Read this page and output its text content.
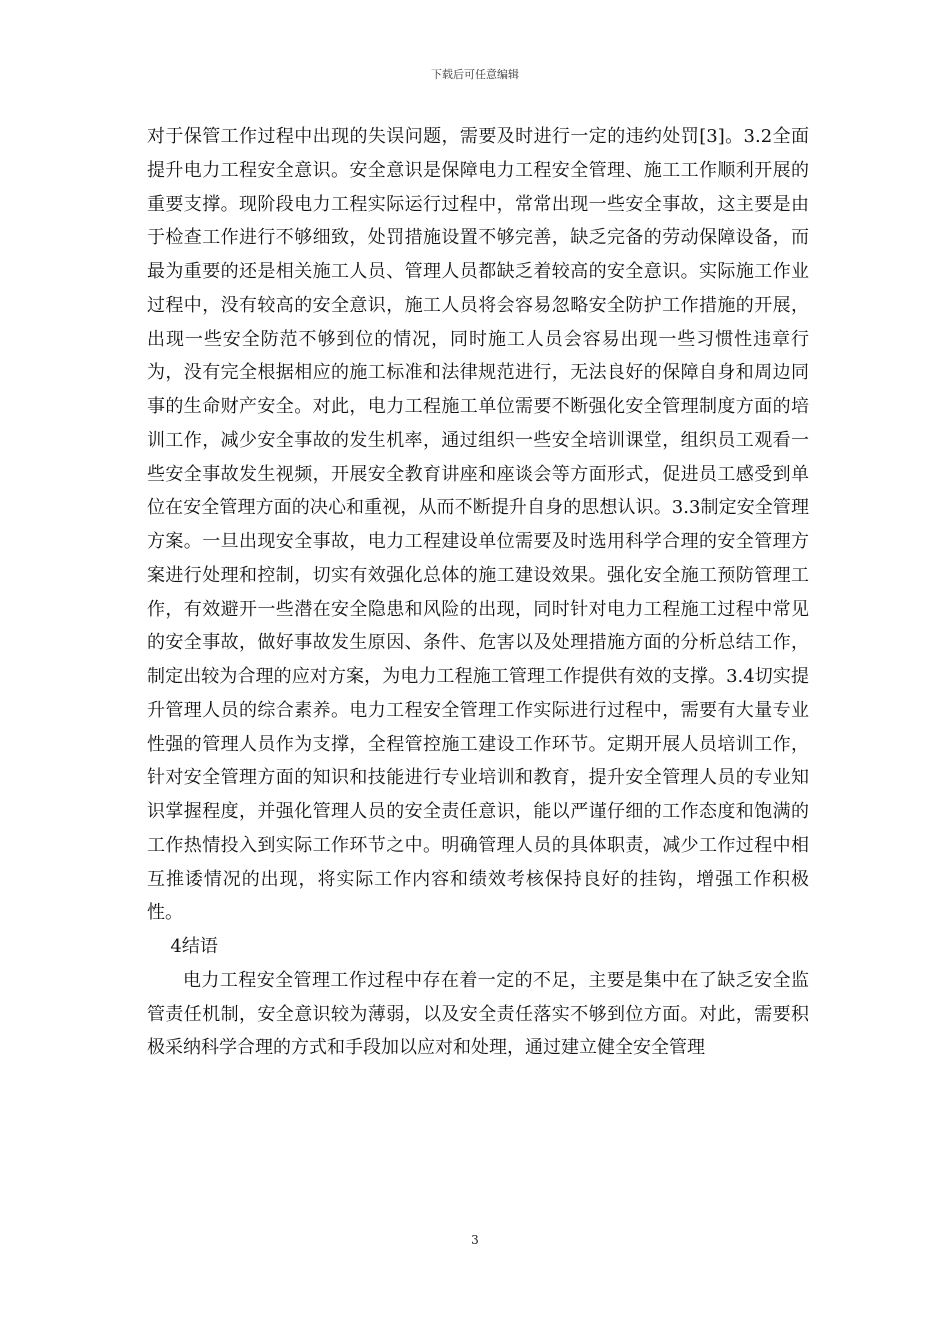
下载后可任意编辑

对于保管工作过程中出现的失误问题，需要及时进行一定的违约处罚[3]。3.2全面提升电力工程安全意识。安全意识是保障电力工程安全管理、施工工作顺利开展的重要支撑。现阶段电力工程实际运行过程中，常常出现一些安全事故，这主要是由于检查工作进行不够细致，处罚措施设置不够完善，缺乏完备的劳动保障设备，而最为重要的还是相关施工人员、管理人员都缺乏着较高的安全意识。实际施工作业过程中，没有较高的安全意识，施工人员将会容易忽略安全防护工作措施的开展，出现一些安全防范不够到位的情况，同时施工人员会容易出现一些习惯性违章行为，没有完全根据相应的施工标准和法律规范进行，无法良好的保障自身和周边同事的生命财产安全。对此，电力工程施工单位需要不断强化安全管理制度方面的培训工作，减少安全事故的发生机率，通过组织一些安全培训课堂，组织员工观看一些安全事故发生视频，开展安全教育讲座和座谈会等方面形式，促进员工感受到单位在安全管理方面的决心和重视，从而不断提升自身的思想认识。3.3制定安全管理方案。一旦出现安全事故，电力工程建设单位需要及时选用科学合理的安全管理方案进行处理和控制，切实有效强化总体的施工建设效果。强化安全施工预防管理工作，有效避开一些潜在安全隐患和风险的出现，同时针对电力工程施工过程中常见的安全事故，做好事故发生原因、条件、危害以及处理措施方面的分析总结工作，制定出较为合理的应对方案，为电力工程施工管理工作提供有效的支撑。3.4切实提升管理人员的综合素养。电力工程安全管理工作实际进行过程中，需要有大量专业性强的管理人员作为支撑，全程管控施工建设工作环节。定期开展人员培训工作，针对安全管理方面的知识和技能进行专业培训和教育，提升安全管理人员的专业知识掌握程度，并强化管理人员的安全责任意识，能以严谨仔细的工作态度和饱满的工作热情投入到实际工作环节之中。明确管理人员的具体职责，减少工作过程中相互推诿情况的出现，将实际工作内容和绩效考核保持良好的挂钩，增强工作积极性。

4结语

电力工程安全管理工作过程中存在着一定的不足，主要是集中在了缺乏安全监管责任机制，安全意识较为薄弱，以及安全责任落实不够到位方面。对此，需要积极采纳科学合理的方式和手段加以应对和处理，通过建立健全安全管理

3
